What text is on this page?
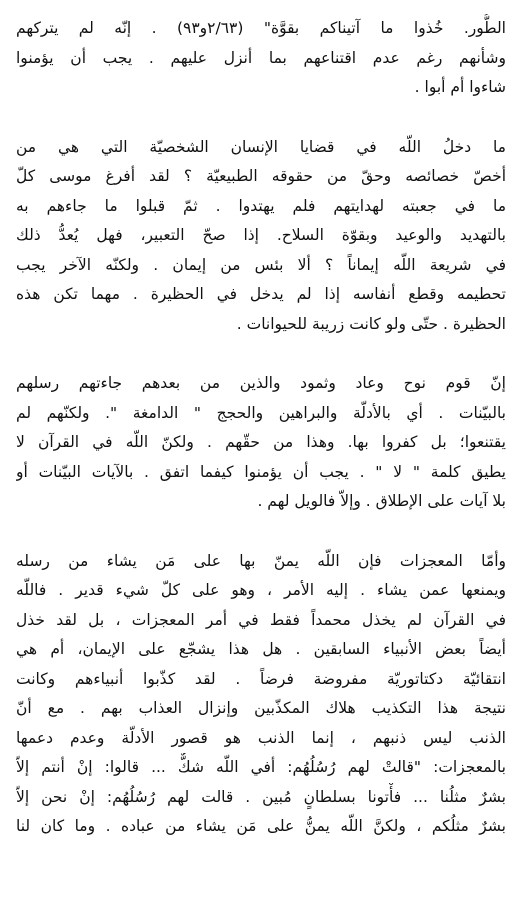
الطُّور. خُذوا ما آتيناكم بقوَّة" (٢/٦٣و٩٣) . إنّه لم يتركهم
وشأنهم رغم عدم اقتناعهم بما أنزل عليهم . يجب أن يؤمنوا
شاءوا أم أبوا .
ما دخلُ اللّه في قضايا الإنسان الشخصيّة التي هي من
أخصّ خصائصه وحقّ من حقوقه الطبيعيّة ؟ لقد أفرغ موسى كلّ
ما في جعبته لهدايتهم فلم يهتدوا . ثمّ قبلوا ما جاءهم به
بالتهديد والوعيد وبقوّة السلاح. إذا صحّ التعبير، فهل يُعدُّ ذلك
في شريعة اللّه إيماناً ؟ ألا بئس من إيمان . ولكنّه الآخر يجب
تحطيمه وقطع أنفاسه إذا لم يدخل في الحظيرة . مهما تكن هذه
الحظيرة . حتّى ولو كانت زريبة للحيوانات .
إنّ قوم نوح وعاد وثمود والذين من بعدهم جاءتهم رسلهم
بالبيّنات . أي بالأدلّة والبراهين والحجج " الدامغة ". ولكنّهم لم
يقتنعوا؛ بل كفروا بها. وهذا من حقّهم . ولكنّ اللّه في القرآن لا
يطيق كلمة " لا " . يجب أن يؤمنوا كيفما اتفق . بالآيات البيّنات أو
بلا آيات على الإطلاق . وإلاّ فالويل لهم .
وأمّا المعجزات فإن اللّه يمنّ بها على مَن يشاء من رسله
ويمنعها عمن يشاء . إليه الأمر ، وهو على كلّ شيء قدير . فاللّه
في القرآن لم يخذل محمداً فقط في أمر المعجزات ، بل لقد خذل
أيضاً بعض الأنبياء السابقين . هل هذا يشجّع على الإيمان، أم هي
انتقائيّة دكتاتوريّة مفروضة فرضاً . لقد كذّبوا أنبياءهم وكانت
نتيجة هذا التكذيب هلاك المكذّبين وإنزال العذاب بهم . مع أنّ
الذنب ليس ذنبهم ، إنما الذنب هو قصور الأدلّة وعدم دعمها
بالمعجزات: "قالتْ لهم رُسُلُهُم: أفي اللّه شكٌّ ... قالوا: إنْ أنتم إلاّ
بشرٌ مثلُنا ... فأْتونا بسلطانٍ مُبين . قالت لهم رُسُلُهُم: إنْ نحن إلاّ
بشرٌ مثلُكم ، ولكنَّ اللّه يمنُّ على مَن يشاء من عباده . وما كان لنا
